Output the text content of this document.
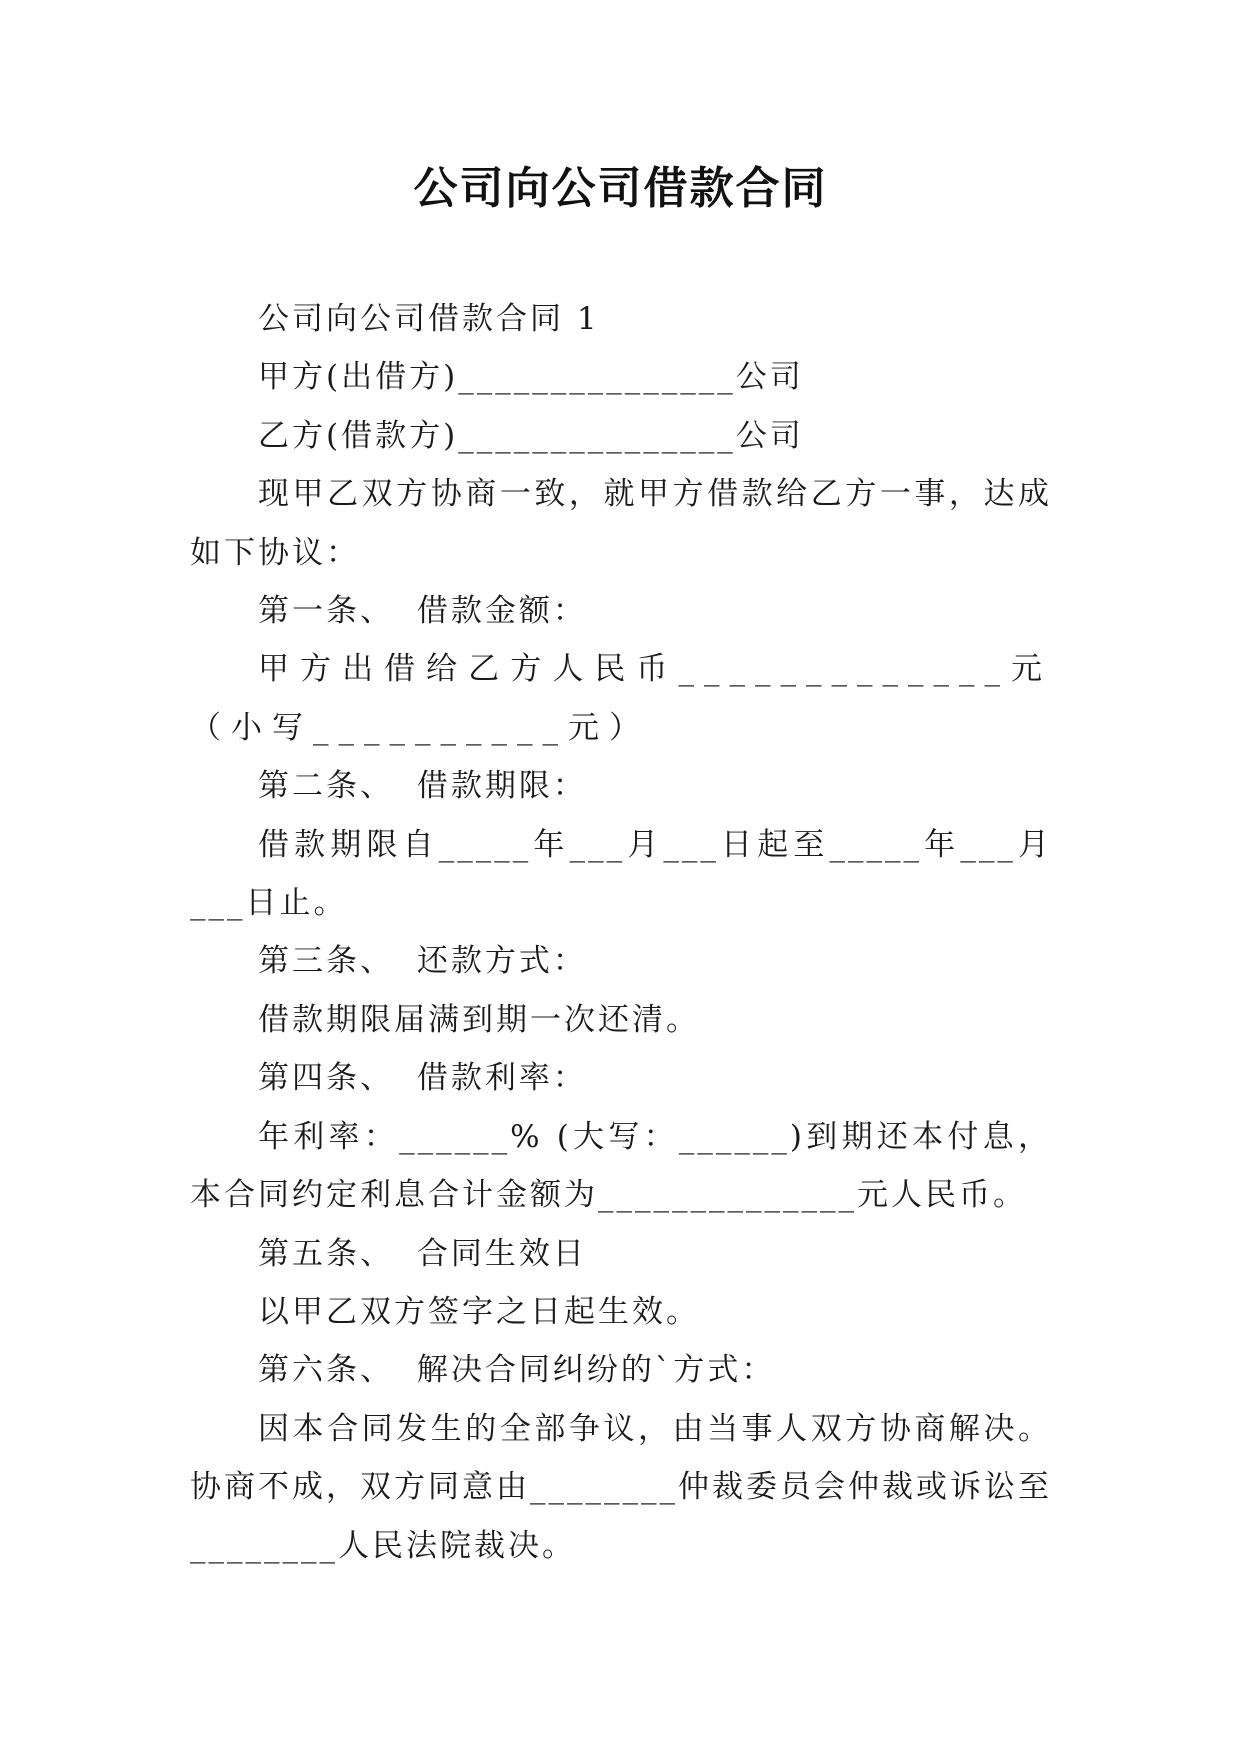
公司向公司借款合同

公司向公司借款合同 1

甲方(出借方)_______________公司

乙方(借款方)_______________公司

现甲乙双方协商一致，就甲方借款给乙方一事，达成如下协议：

第一条、 借款金额：

甲方出借给乙方人民币_____________元（小写__________元）

第二条、 借款期限：

借款期限自_____年___月___日起至_____年___月___日止。

第三条、 还款方式：

借款期限届满到期一次还清。

第四条、 借款利率：

年利率：______% (大写：______)到期还本付息，本合同约定利息合计金额为______________元人民币。

第五条、 合同生效日

以甲乙双方签字之日起生效。

第六条、 解决合同纠纷的`方式：

因本合同发生的全部争议，由当事人双方协商解决。协商不成，双方同意由________仲裁委员会仲裁或诉讼至________人民法院裁决。
